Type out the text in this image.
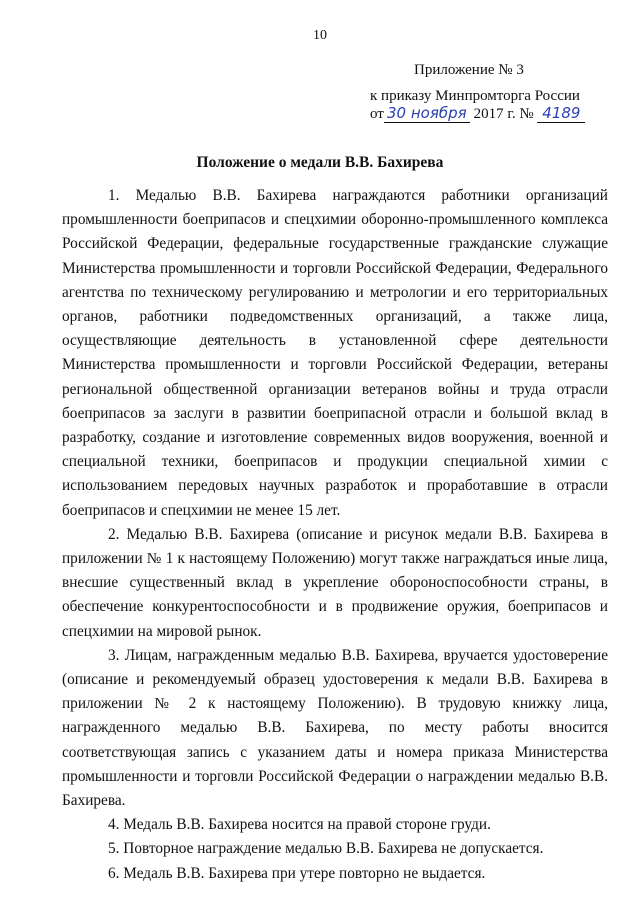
10
Приложение № 3
к приказу Минпромторга России
от 30 ноября 2017 г. № 4189
Положение о медали В.В. Бахирева

1. Медалью В.В. Бахирева награждаются работники организаций промышленности боеприпасов и спецхимии оборонно-промышленного комплекса Российской Федерации, федеральные государственные гражданские служащие Министерства промышленности и торговли Российской Федерации, Федерального агентства по техническому регулированию и метрологии и его территориальных органов, работники подведомственных организаций, а также лица, осуществляющие деятельность в установленной сфере деятельности Министерства промышленности и торговли Российской Федерации, ветераны региональной общественной организации ветеранов войны и труда отрасли боеприпасов за заслуги в развитии боеприпасной отрасли и большой вклад в разработку, создание и изготовление современных видов вооружения, военной и специальной техники, боеприпасов и продукции специальной химии с использованием передовых научных разработок и проработавшие в отрасли боеприпасов и спецхимии не менее 15 лет.

2. Медалью В.В. Бахирева (описание и рисунок медали В.В. Бахирева в приложении № 1 к настоящему Положению) могут также награждаться иные лица, внесшие существенный вклад в укрепление обороноспособности страны, в обеспечение конкурентоспособности и в продвижение оружия, боеприпасов и спецхимии на мировой рынок.

3. Лицам, награжденным медалью В.В. Бахирева, вручается удостоверение (описание и рекомендуемый образец удостоверения к медали В.В. Бахирева в приложении № 2 к настоящему Положению). В трудовую книжку лица, награжденного медалью В.В. Бахирева, по месту работы вносится соответствующая запись с указанием даты и номера приказа Министерства промышленности и торговли Российской Федерации о награждении медалью В.В. Бахирева.

4. Медаль В.В. Бахирева носится на правой стороне груди.

5. Повторное награждение медалью В.В. Бахирева не допускается.

6. Медаль В.В. Бахирева при утере повторно не выдается.
